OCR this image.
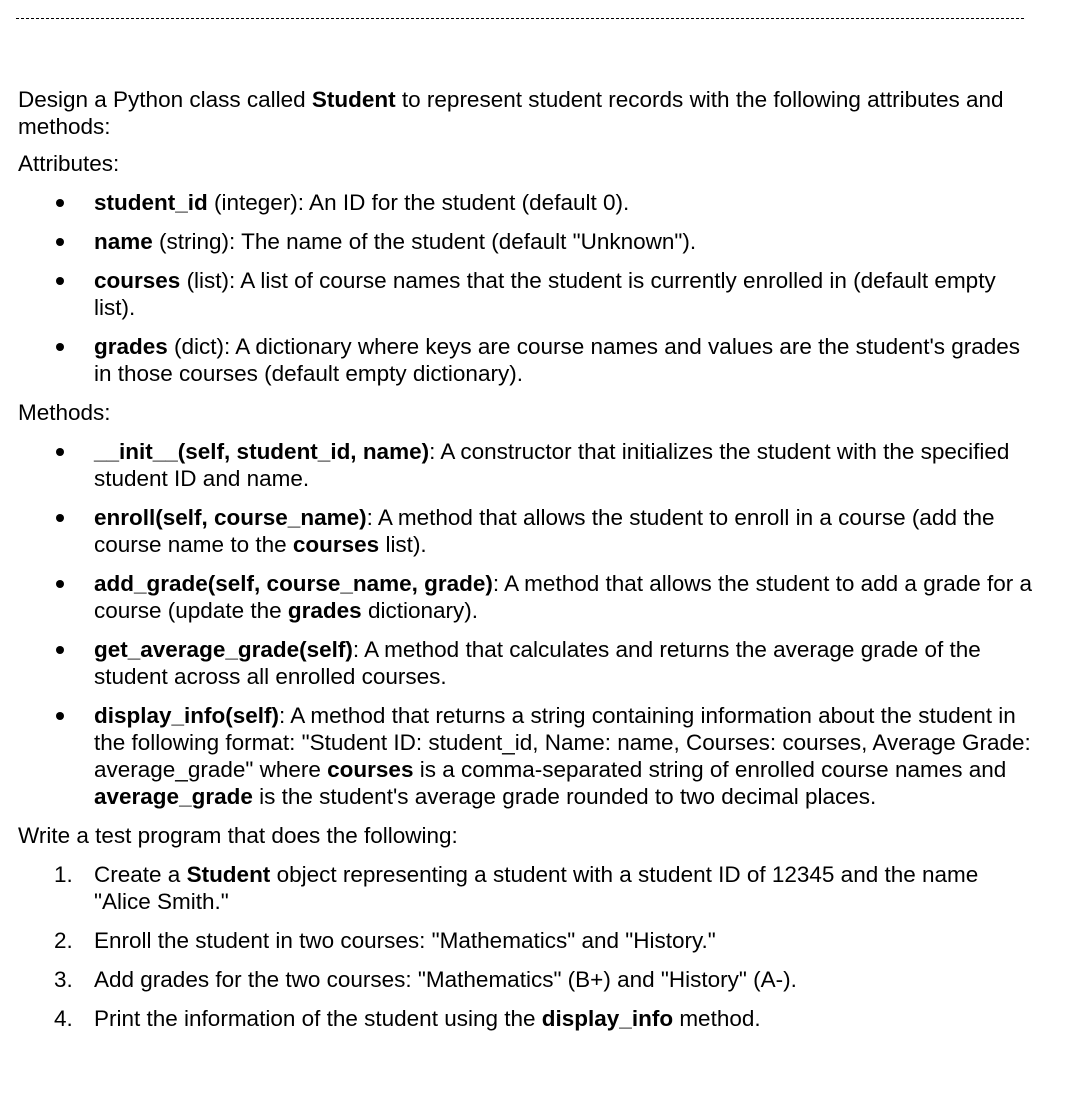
Design a Python class called Student to represent student records with the following attributes and methods:

Attributes:

student_id (integer): An ID for the student (default 0).
name (string): The name of the student (default "Unknown").
courses (list): A list of course names that the student is currently enrolled in (default empty list).
grades (dict): A dictionary where keys are course names and values are the student's grades in those courses (default empty dictionary).

Methods:

__init__(self, student_id, name): A constructor that initializes the student with the specified student ID and name.
enroll(self, course_name): A method that allows the student to enroll in a course (add the course name to the courses list).
add_grade(self, course_name, grade): A method that allows the student to add a grade for a course (update the grades dictionary).
get_average_grade(self): A method that calculates and returns the average grade of the student across all enrolled courses.
display_info(self): A method that returns a string containing information about the student in the following format: "Student ID: student_id, Name: name, Courses: courses, Average Grade: average_grade" where courses is a comma-separated string of enrolled course names and average_grade is the student's average grade rounded to two decimal places.

Write a test program that does the following:

1. Create a Student object representing a student with a student ID of 12345 and the name "Alice Smith."
2. Enroll the student in two courses: "Mathematics" and "History."
3. Add grades for the two courses: "Mathematics" (B+) and "History" (A-).
4. Print the information of the student using the display_info method.
